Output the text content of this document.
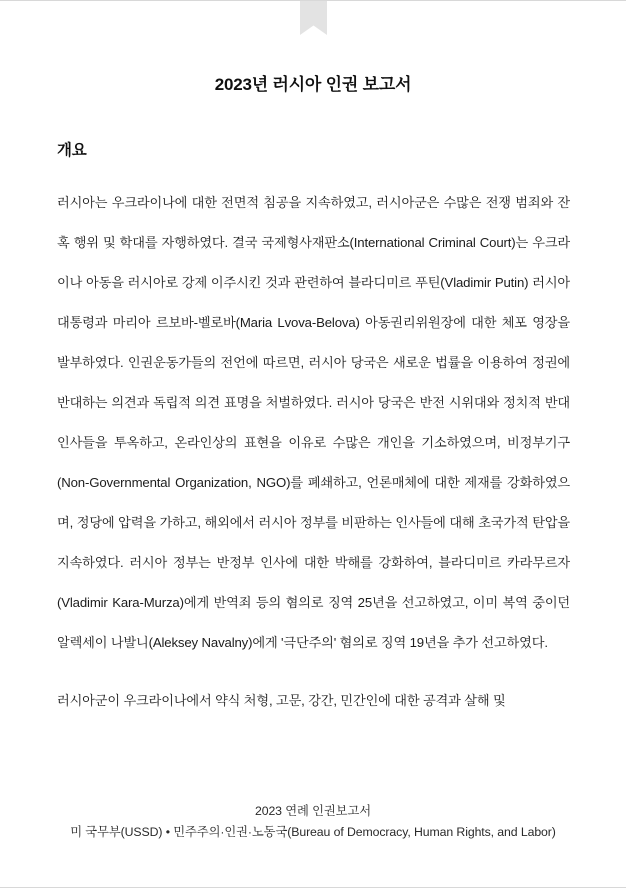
2023년 러시아 인권 보고서
개요

러시아는 우크라이나에 대한 전면적 침공을 지속하였고, 러시아군은 수많은 전쟁 범죄와 잔혹 행위 및 학대를 자행하였다. 결국 국제형사재판소(International Criminal Court)는 우크라이나 아동을 러시아로 강제 이주시킨 것과 관련하여 블라디미르 푸틴(Vladimir Putin) 러시아 대통령과 마리아 르보바-벨로바(Maria Lvova-Belova) 아동권리위원장에 대한 체포 영장을 발부하였다. 인권운동가들의 전언에 따르면, 러시아 당국은 새로운 법률을 이용하여 정권에 반대하는 의견과 독립적 의견 표명을 처벌하였다. 러시아 당국은 반전 시위대와 정치적 반대 인사들을 투옥하고, 온라인상의 표현을 이유로 수많은 개인을 기소하였으며, 비정부기구(Non-Governmental Organization, NGO)를 폐쇄하고, 언론매체에 대한 제재를 강화하였으며, 정당에 압력을 가하고, 해외에서 러시아 정부를 비판하는 인사들에 대해 초국가적 탄압을 지속하였다. 러시아 정부는 반정부 인사에 대한 박해를 강화하여, 블라디미르 카라무르자(Vladimir Kara-Murza)에게 반역죄 등의 혐의로 징역 25년을 선고하였고, 이미 복역 중이던 알렉세이 나발니(Aleksey Navalny)에게 '극단주의' 혐의로 징역 19년을 추가 선고하였다.

러시아군이 우크라이나에서 약식 처형, 고문, 강간, 민간인에 대한 공격과 살해 및

2023 연례 인권보고서
미 국무부(USSD) • 민주주의·인권·노동국(Bureau of Democracy, Human Rights, and Labor)
